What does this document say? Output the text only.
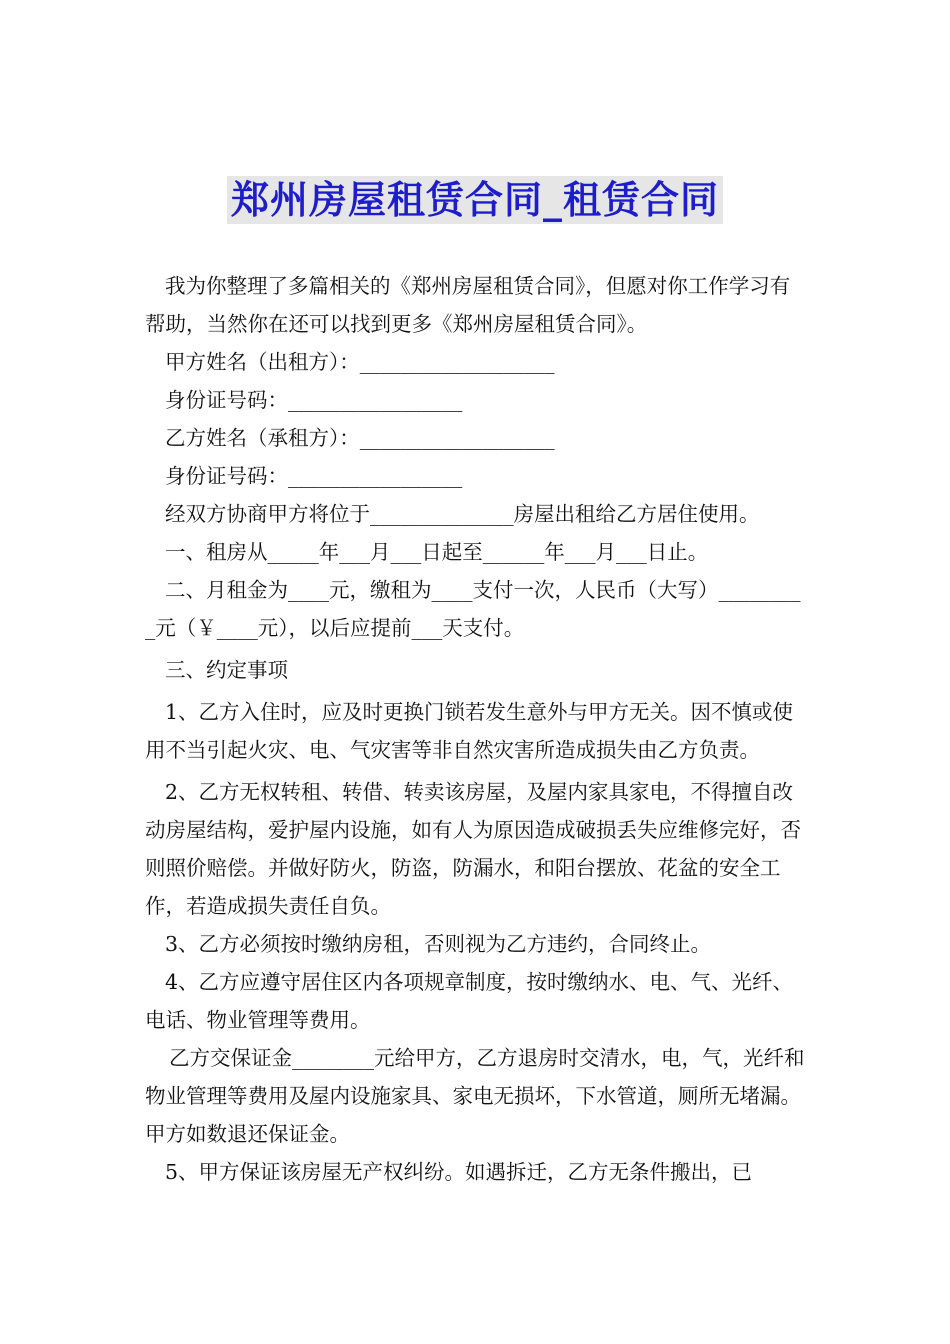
郑州房屋租赁合同_租赁合同

我为你整理了多篇相关的《郑州房屋租赁合同》，但愿对你工作学习有帮助，当然你在还可以找到更多《郑州房屋租赁合同》。

甲方姓名（出租方）：___________________

身份证号码：_________________

乙方姓名（承租方）：___________________

身份证号码：_________________

经双方协商甲方将位于______________房屋出租给乙方居住使用。

一、租房从_____年___月___日起至______年___月___日止。

二、月租金为____元，缴租为____支付一次，人民币（大写）_________元（￥____元），以后应提前___天支付。

三、约定事项

1、乙方入住时，应及时更换门锁若发生意外与甲方无关。因不慎或使用不当引起火灾、电、气灾害等非自然灾害所造成损失由乙方负责。

2、乙方无权转租、转借、转卖该房屋，及屋内家具家电，不得擅自改动房屋结构，爱护屋内设施，如有人为原因造成破损丢失应维修完好，否则照价赔偿。并做好防火，防盗，防漏水，和阳台摆放、花盆的安全工作，若造成损失责任自负。

3、乙方必须按时缴纳房租，否则视为乙方违约，合同终止。

4、乙方应遵守居住区内各项规章制度，按时缴纳水、电、气、光纤、电话、物业管理等费用。

乙方交保证金________元给甲方，乙方退房时交清水，电，气，光纤和物业管理等费用及屋内设施家具、家电无损坏，下水管道，厕所无堵漏。甲方如数退还保证金。

5、甲方保证该房屋无产权纠纷。如遇拆迁，乙方无条件搬出，已
